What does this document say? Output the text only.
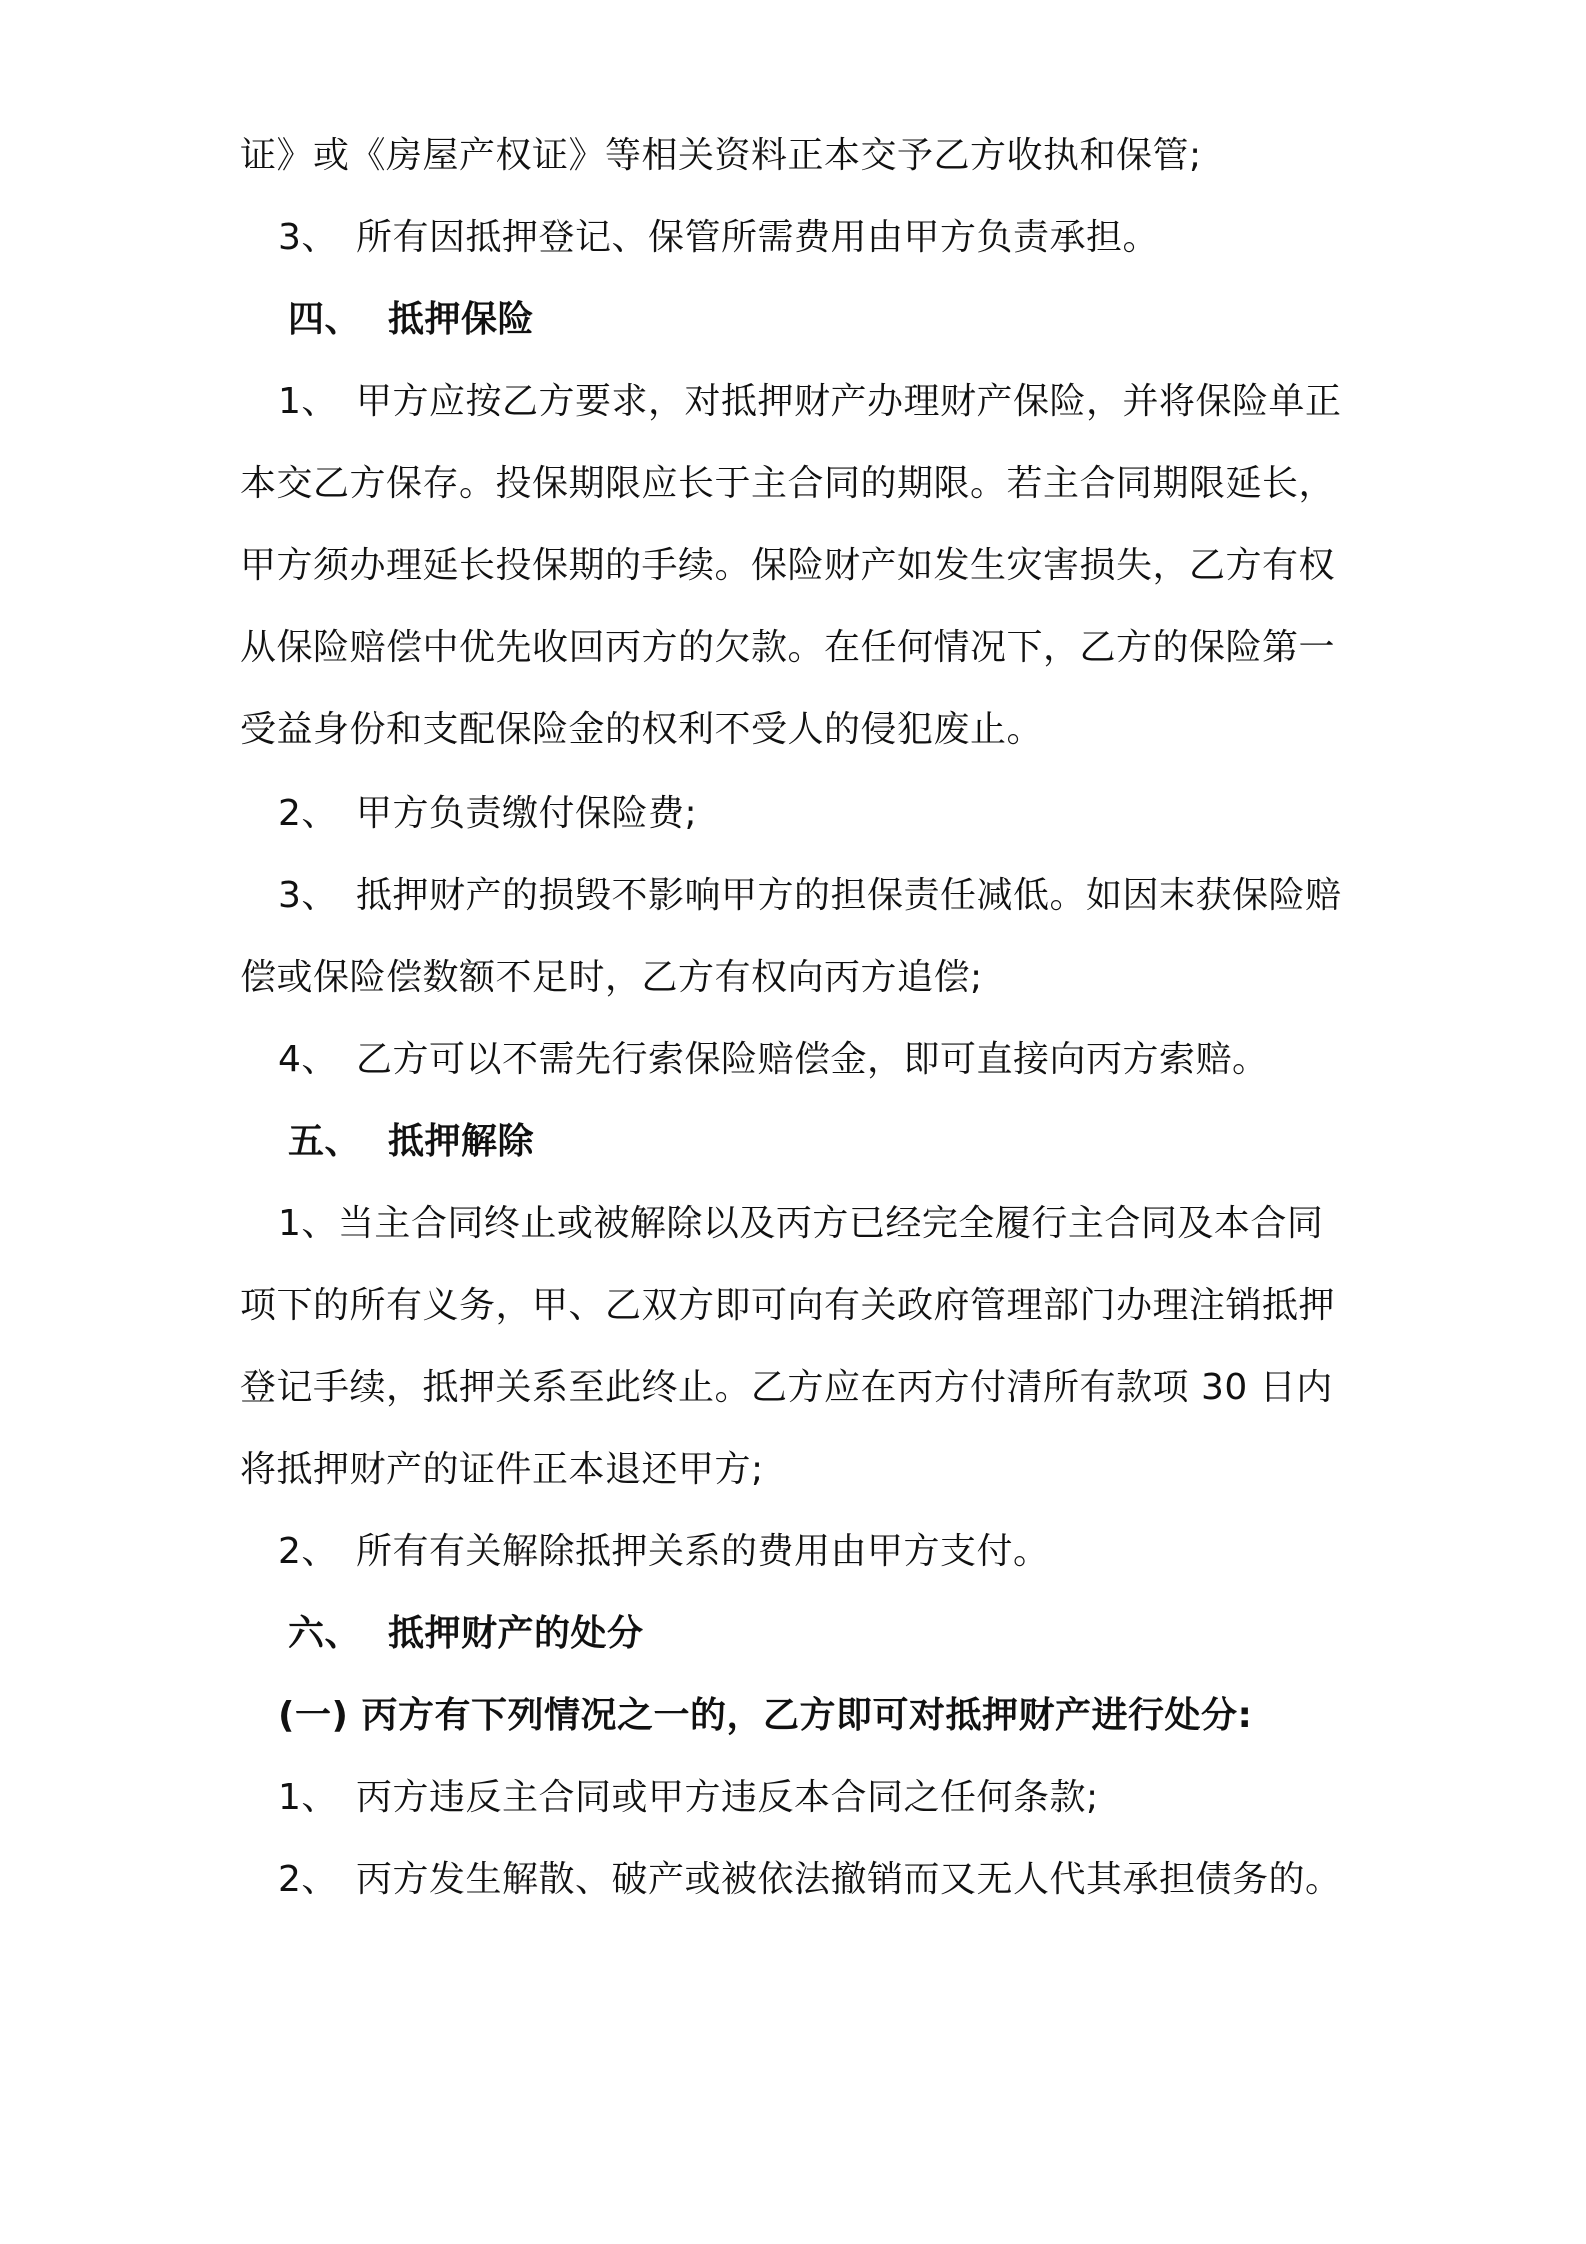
证》或《房屋产权证》等相关资料正本交予乙方收执和保管;
3、 所有因抵押登记、保管所需费用由甲方负责承担。
四、 抵押保险
1、 甲方应按乙方要求，对抵押财产办理财产保险，并将保险单正
本交乙方保存。投保期限应长于主合同的期限。若主合同期限延长，
甲方须办理延长投保期的手续。保险财产如发生灾害损失，乙方有权
从保险赔偿中优先收回丙方的欠款。在任何情况下，乙方的保险第一
受益身份和支配保险金的权利不受人的侵犯废止。
2、 甲方负责缴付保险费;
3、 抵押财产的损毁不影响甲方的担保责任减低。如因末获保险赔
偿或保险偿数额不足时，乙方有权向丙方追偿;
4、 乙方可以不需先行索保险赔偿金，即可直接向丙方索赔。
五、 抵押解除
1、当主合同终止或被解除以及丙方已经完全履行主合同及本合同
项下的所有义务，甲、乙双方即可向有关政府管理部门办理注销抵押
登记手续，抵押关系至此终止。乙方应在丙方付清所有款项 30 日内
将抵押财产的证件正本退还甲方;
2、 所有有关解除抵押关系的费用由甲方支付。
六、 抵押财产的处分
(一) 丙方有下列情况之一的，乙方即可对抵押财产进行处分:
1、 丙方违反主合同或甲方违反本合同之任何条款;
2、 丙方发生解散、破产或被依法撤销而又无人代其承担债务的。
